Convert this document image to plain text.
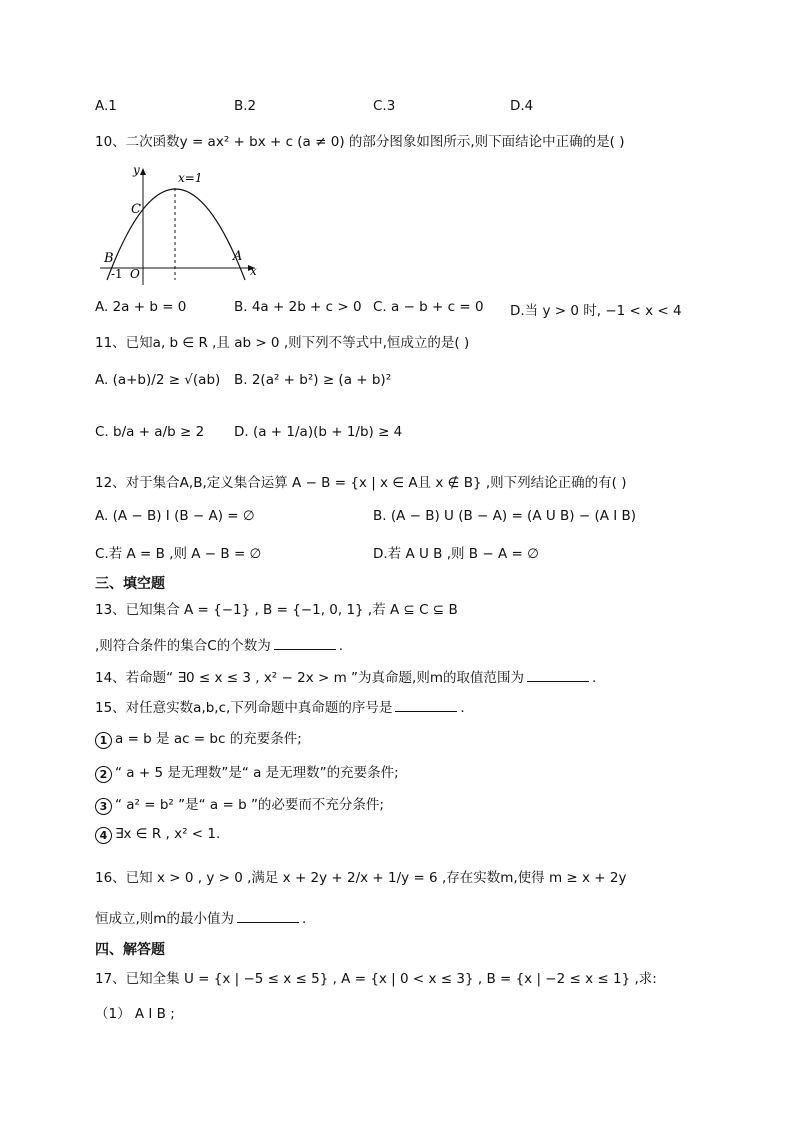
A.1	B.2	C.3	D.4
10、二次函数y = ax² + bx + c (a ≠ 0) 的部分图象如图所示,则下面结论中正确的是( )
x=1
y
x
C
B	A
-1 O
A. 2a + b = 0	B. 4a + 2b + c > 0 C. a − b + c = 0 D.当 y > 0 时, −1 < x < 4
11、已知a, b ∈ R ,且 ab > 0 ,则下列不等式中,恒成立的是( )
A. (a+b)/2 ≥ √(ab) B. 2(a² + b²) ≥ (a + b)²
C. b/a + a/b ≥ 2 D. (a + 1/a)(b + 1/b) ≥ 4
12、对于集合A,B,定义集合运算 A − B = {x | x ∈ A且 x ∉ B} ,则下列结论正确的有( )
A. (A − B) I (B − A) = ∅	B. (A − B) U (B − A) = (A U B) − (A I B)
C.若 A = B ,则 A − B = ∅	D.若 A U B ,则 B − A = ∅
三、填空题
13、已知集合 A = {−1} , B = {−1, 0, 1} ,若 A ⊆ C ⊆ B
,则符合条件的集合C的个数为	.
14、若命题“ ∃0 ≤ x ≤ 3 , x² − 2x > m ”为真命题,则m的取值范围为	.
15、对任意实数a,b,c,下列命题中真命题的序号是	.
1 a = b 是 ac = bc 的充要条件;
2 “ a + 5 是无理数”是“ a 是无理数”的充要条件;
3 “ a² = b² ”是“ a = b ”的必要而不充分条件;
4 ∃x ∈ R , x² < 1.
16、已知 x > 0 , y > 0 ,满足 x + 2y + 2/x + 1/y = 6 ,存在实数m,使得 m ≥ x + 2y
恒成立,则m的最小值为	.
四、解答题
17、已知全集 U = {x | −5 ≤ x ≤ 5} , A = {x | 0 < x ≤ 3} , B = {x | −2 ≤ x ≤ 1} ,求:
（1） A I B ;
